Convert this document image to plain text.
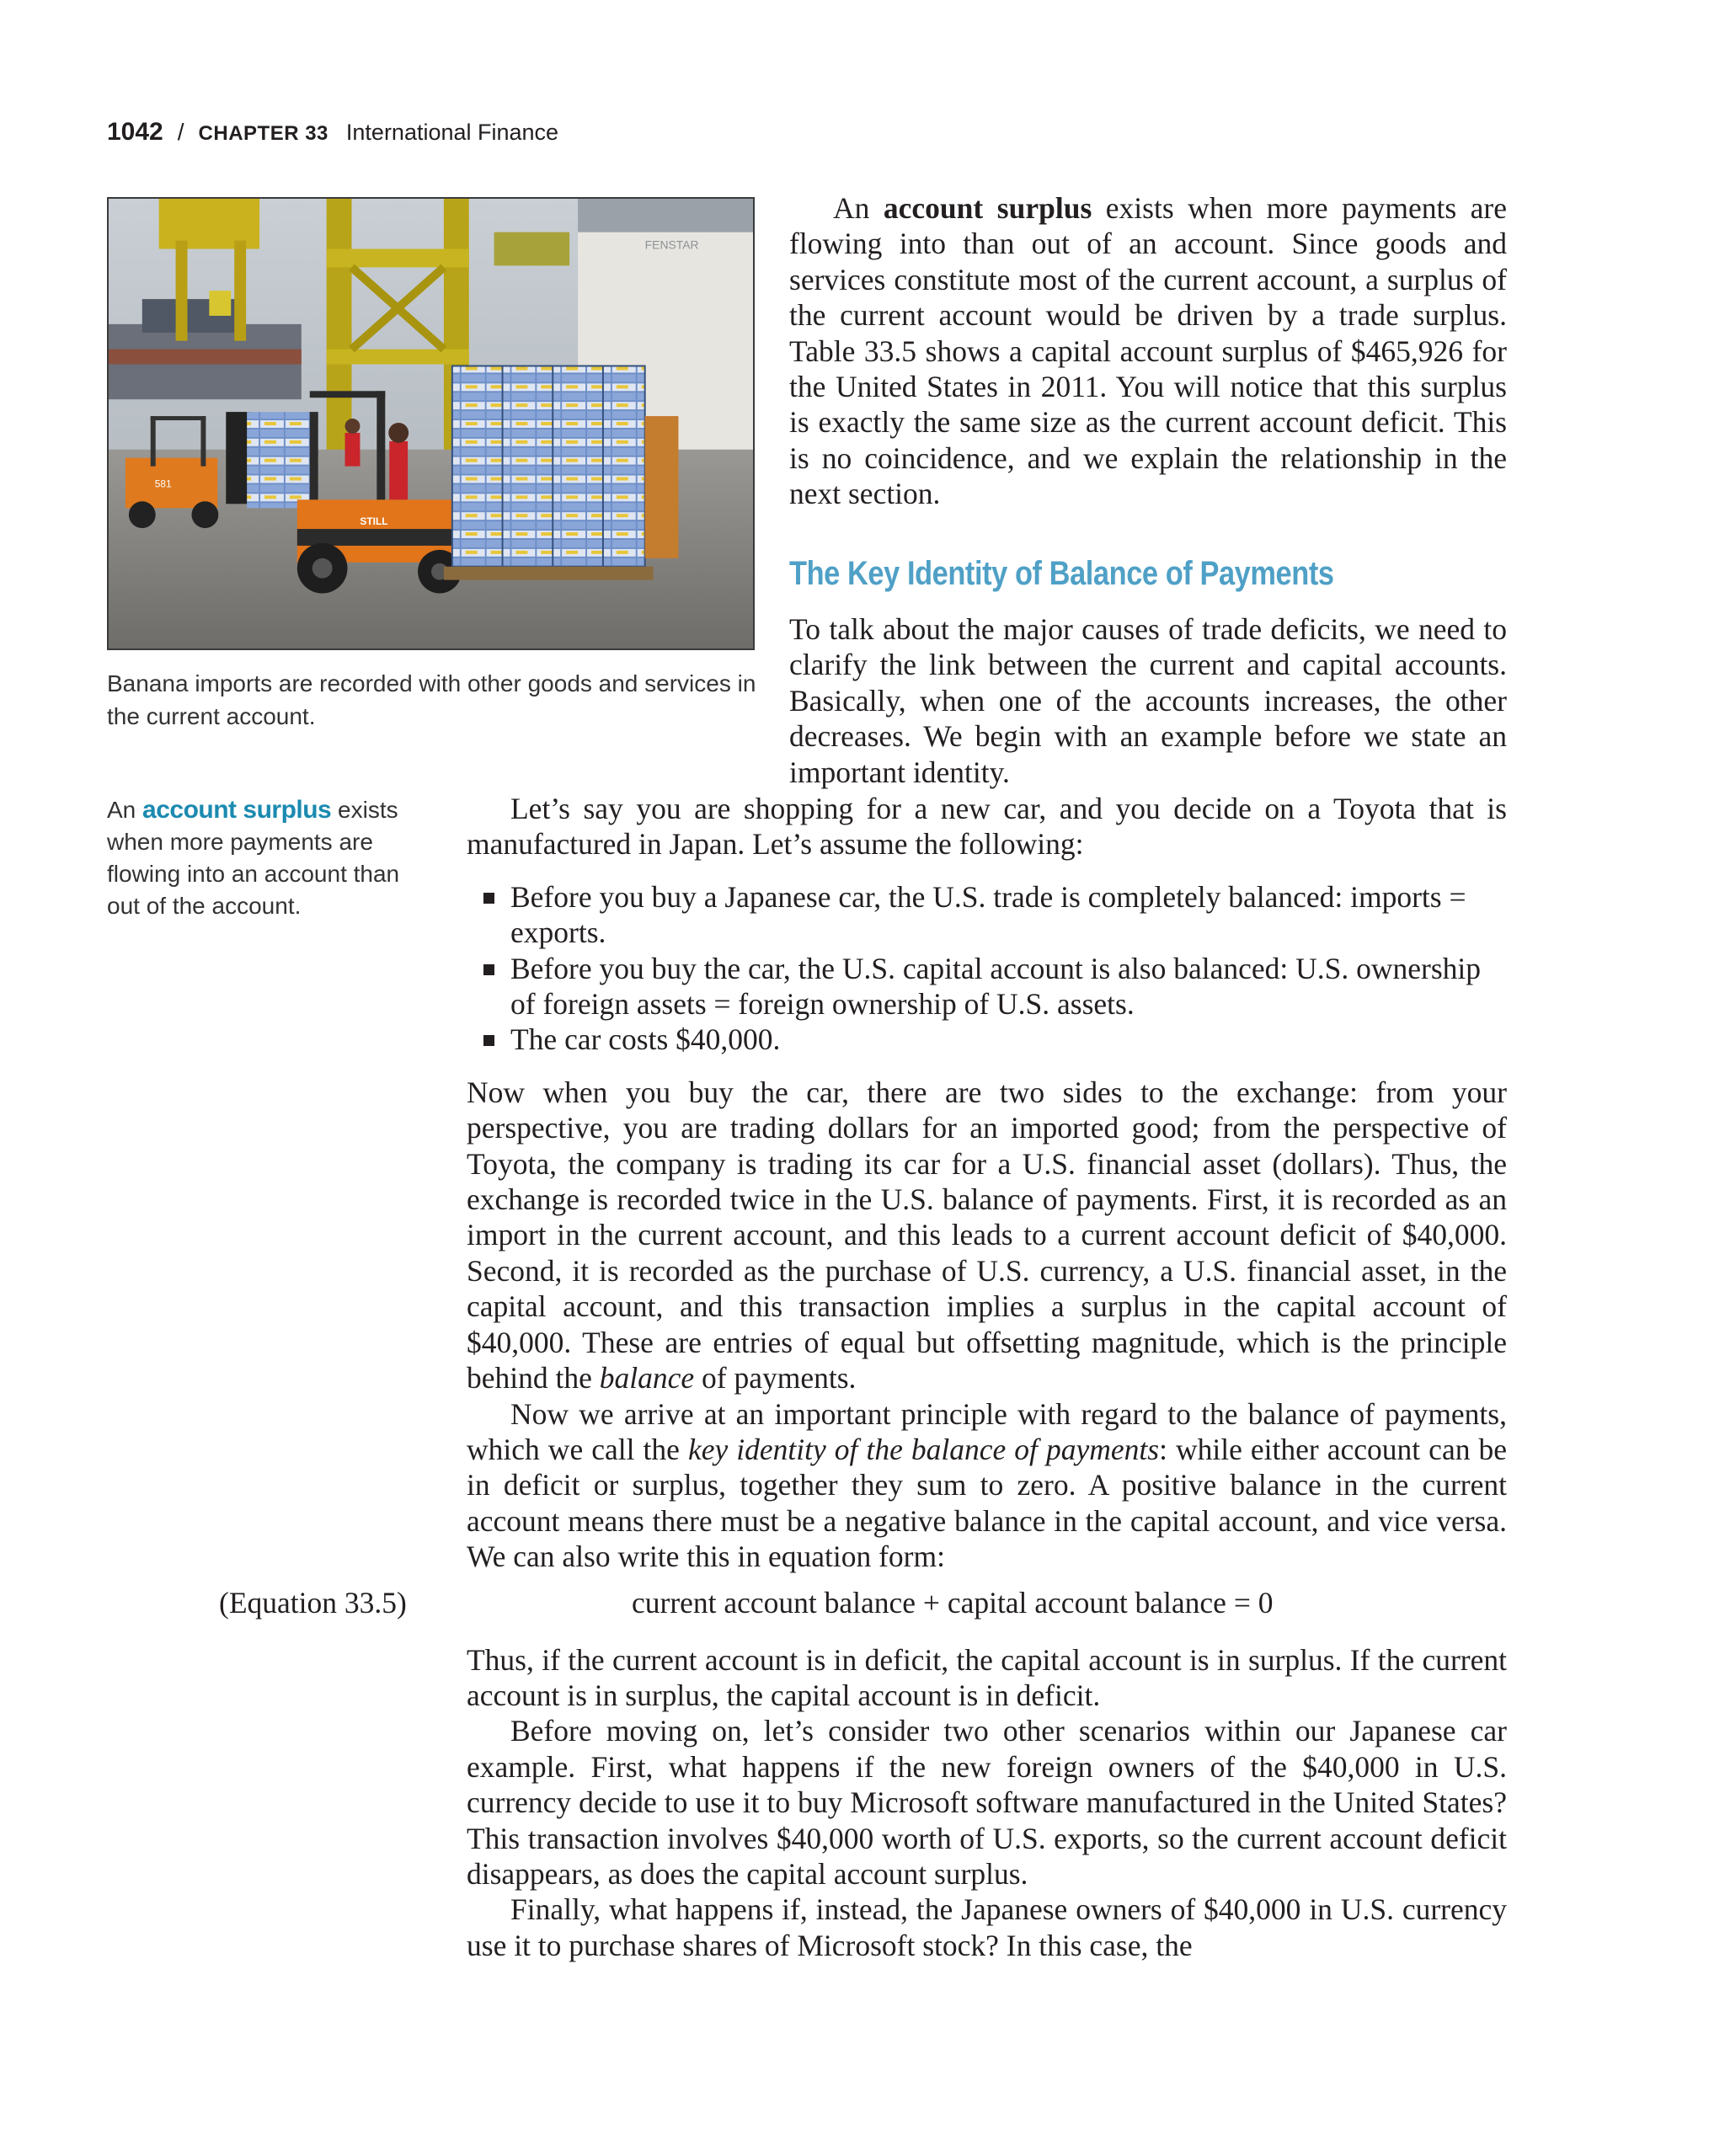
1042 / CHAPTER 33 International Finance
FENSTAR
581
STILL
Banana imports are recorded with other goods and services in the current account.
An account surplus exists when more payments are flowing into an account than out of the account.

An account surplus exists when more payments are flowing into than out of an account. Since goods and services constitute most of the current account, a surplus of the current account would be driven by a trade surplus. Table 33.5 shows a capital account surplus of $465,926 for the United States in 2011. You will notice that this surplus is exactly the same size as the current account deficit. This is no coincidence, and we explain the relationship in the next section.

The Key Identity of Balance of Payments

To talk about the major causes of trade deficits, we need to clarify the link between the current and capital accounts. Basically, when one of the accounts increases, the other decreases. We begin with an example before we state an important identity.

Let’s say you are shopping for a new car, and you decide on a Toyota that is manufactured in Japan. Let’s assume the following:

Before you buy a Japanese car, the U.S. trade is completely balanced: imports = exports.
Before you buy the car, the U.S. capital account is also balanced: U.S. ownership of foreign assets = foreign ownership of U.S. assets.
The car costs $40,000.

Now when you buy the car, there are two sides to the exchange: from your perspective, you are trading dollars for an imported good; from the perspective of Toyota, the company is trading its car for a U.S. financial asset (dollars). Thus, the exchange is recorded twice in the U.S. balance of payments. First, it is recorded as an import in the current account, and this leads to a current account deficit of $40,000. Second, it is recorded as the purchase of U.S. currency, a U.S. financial asset, in the capital account, and this transaction implies a surplus in the capital account of $40,000. These are entries of equal but offsetting magnitude, which is the principle behind the balance of payments.

Now we arrive at an important principle with regard to the balance of payments, which we call the key identity of the balance of payments: while either account can be in deficit or surplus, together they sum to zero. A positive balance in the current account means there must be a negative balance in the capital account, and vice versa. We can also write this in equation form:

(Equation 33.5)	current account balance + capital account balance = 0

Thus, if the current account is in deficit, the capital account is in surplus. If the current account is in surplus, the capital account is in deficit.

Before moving on, let’s consider two other scenarios within our Japanese car example. First, what happens if the new foreign owners of the $40,000 in U.S. currency decide to use it to buy Microsoft software manufactured in the United States? This transaction involves $40,000 worth of U.S. exports, so the current account deficit disappears, as does the capital account surplus.

Finally, what happens if, instead, the Japanese owners of $40,000 in U.S. currency use it to purchase shares of Microsoft stock? In this case, the
